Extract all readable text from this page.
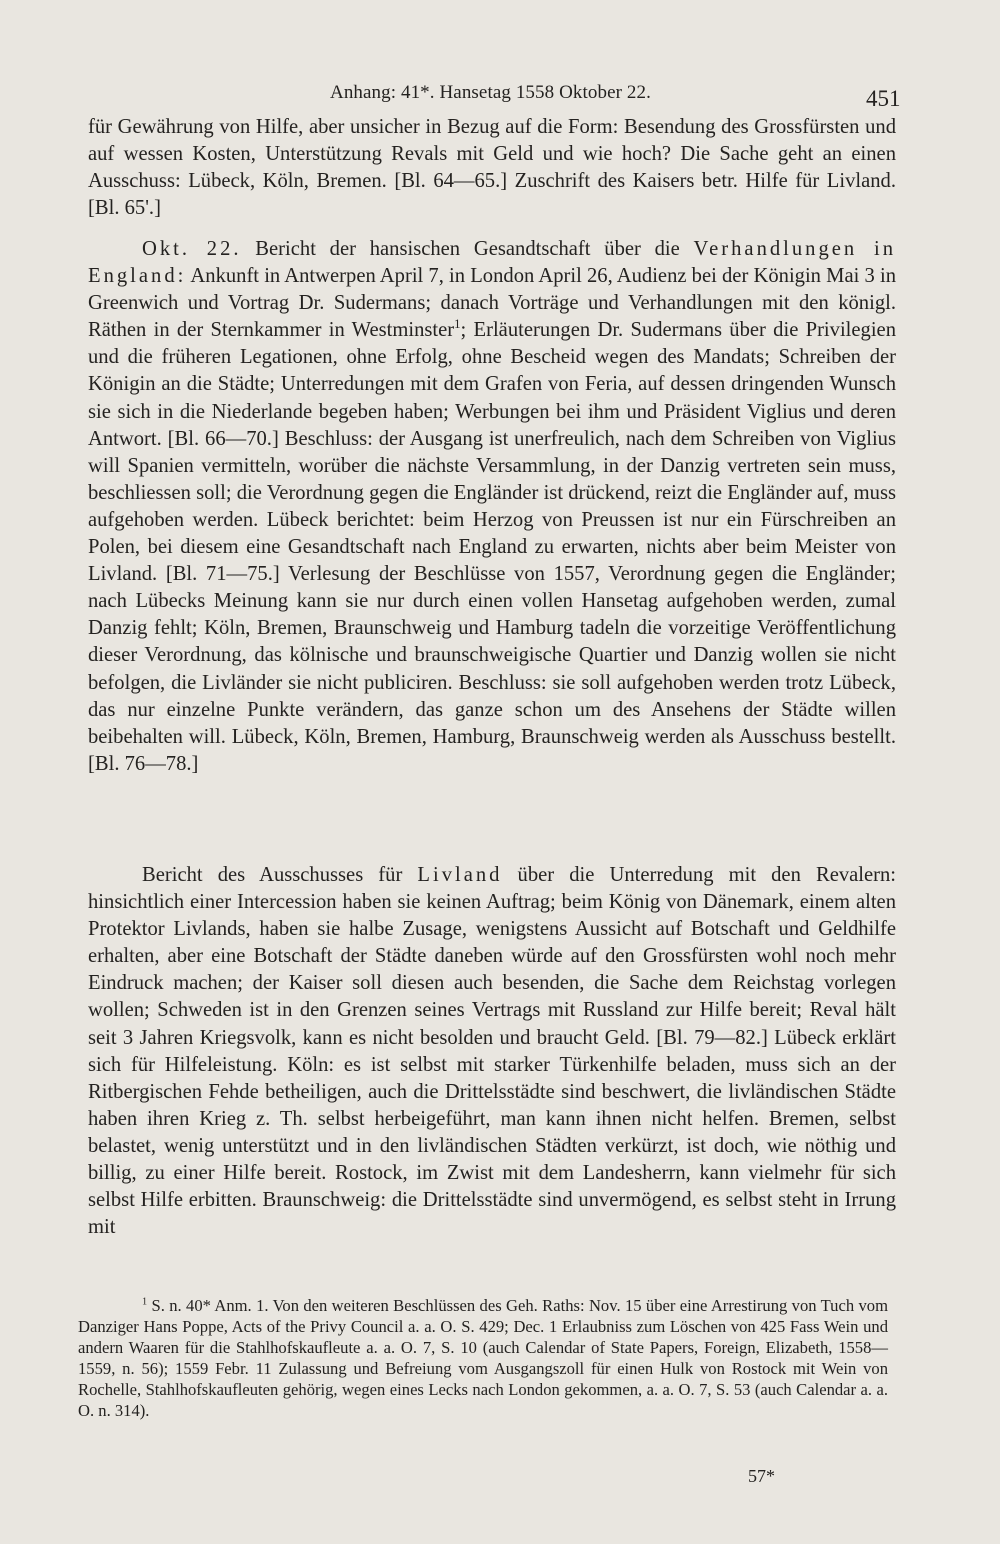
Anhang: 41*. Hansetag 1558 Oktober 22.	451

für Gewährung von Hilfe, aber unsicher in Bezug auf die Form: Besendung des Grossfürsten und auf wessen Kosten, Unterstützung Revals mit Geld und wie hoch? Die Sache geht an einen Ausschuss: Lübeck, Köln, Bremen. [Bl. 64—65.] Zuschrift des Kaisers betr. Hilfe für Livland. [Bl. 65'.]

Okt. 22. Bericht der hansischen Gesandtschaft über die Verhandlungen in England: Ankunft in Antwerpen April 7, in London April 26, Audienz bei der Königin Mai 3 in Greenwich und Vortrag Dr. Sudermans; danach Vorträge und Verhandlungen mit den königl. Räthen in der Sternkammer in Westminster$^1$; Erläuterungen Dr. Sudermans über die Privilegien und die früheren Legationen, ohne Erfolg, ohne Bescheid wegen des Mandats; Schreiben der Königin an die Städte; Unterredungen mit dem Grafen von Feria, auf dessen dringenden Wunsch sie sich in die Niederlande begeben haben; Werbungen bei ihm und Präsident Viglius und deren Antwort. [Bl. 66—70.] Beschluss: der Ausgang ist unerfreulich, nach dem Schreiben von Viglius will Spanien vermitteln, worüber die nächste Versammlung, in der Danzig vertreten sein muss, beschliessen soll; die Verordnung gegen die Engländer ist drückend, reizt die Engländer auf, muss aufgehoben werden. Lübeck berichtet: beim Herzog von Preussen ist nur ein Fürschreiben an Polen, bei diesem eine Gesandtschaft nach England zu erwarten, nichts aber beim Meister von Livland. [Bl. 71—75.] Verlesung der Beschlüsse von 1557, Verordnung gegen die Engländer; nach Lübecks Meinung kann sie nur durch einen vollen Hansetag aufgehoben werden, zumal Danzig fehlt; Köln, Bremen, Braunschweig und Hamburg tadeln die vorzeitige Veröffentlichung dieser Verordnung, das kölnische und braunschweigische Quartier und Danzig wollen sie nicht befolgen, die Livländer sie nicht publiciren. Beschluss: sie soll aufgehoben werden trotz Lübeck, das nur einzelne Punkte verändern, das ganze schon um des Ansehens der Städte willen beibehalten will. Lübeck, Köln, Bremen, Hamburg, Braunschweig werden als Ausschuss bestellt. [Bl. 76—78.]

Bericht des Ausschusses für Livland über die Unterredung mit den Revalern: hinsichtlich einer Intercession haben sie keinen Auftrag; beim König von Dänemark, einem alten Protektor Livlands, haben sie halbe Zusage, wenigstens Aussicht auf Botschaft und Geldhilfe erhalten, aber eine Botschaft der Städte daneben würde auf den Grossfürsten wohl noch mehr Eindruck machen; der Kaiser soll diesen auch besenden, die Sache dem Reichstag vorlegen wollen; Schweden ist in den Grenzen seines Vertrags mit Russland zur Hilfe bereit; Reval hält seit 3 Jahren Kriegsvolk, kann es nicht besolden und braucht Geld. [Bl. 79—82.] Lübeck erklärt sich für Hilfeleistung. Köln: es ist selbst mit starker Türkenhilfe beladen, muss sich an der Ritbergischen Fehde betheiligen, auch die Drittelsstädte sind beschwert, die livländischen Städte haben ihren Krieg z. Th. selbst herbeigeführt, man kann ihnen nicht helfen. Bremen, selbst belastet, wenig unterstützt und in den livländischen Städten verkürzt, ist doch, wie nöthig und billig, zu einer Hilfe bereit. Rostock, im Zwist mit dem Landesherrn, kann vielmehr für sich selbst Hilfe erbitten. Braunschweig: die Drittelsstädte sind unvermögend, es selbst steht in Irrung mit

$^1$ S. n. 40* Anm. 1. Von den weiteren Beschlüssen des Geh. Raths: Nov. 15 über eine Arrestirung von Tuch vom Danziger Hans Poppe, Acts of the Privy Council a. a. O. S. 429; Dec. 1 Erlaubniss zum Löschen von 425 Fass Wein und andern Waaren für die Stahlhofskaufleute a. a. O. 7, S. 10 (auch Calendar of State Papers, Foreign, Elizabeth, 1558—1559, n. 56); 1559 Febr. 11 Zulassung und Befreiung vom Ausgangszoll für einen Hulk von Rostock mit Wein von Rochelle, Stahlhofskaufleuten gehörig, wegen eines Lecks nach London gekommen, a. a. O. 7, S. 53 (auch Calendar a. a. O. n. 314).

57*
